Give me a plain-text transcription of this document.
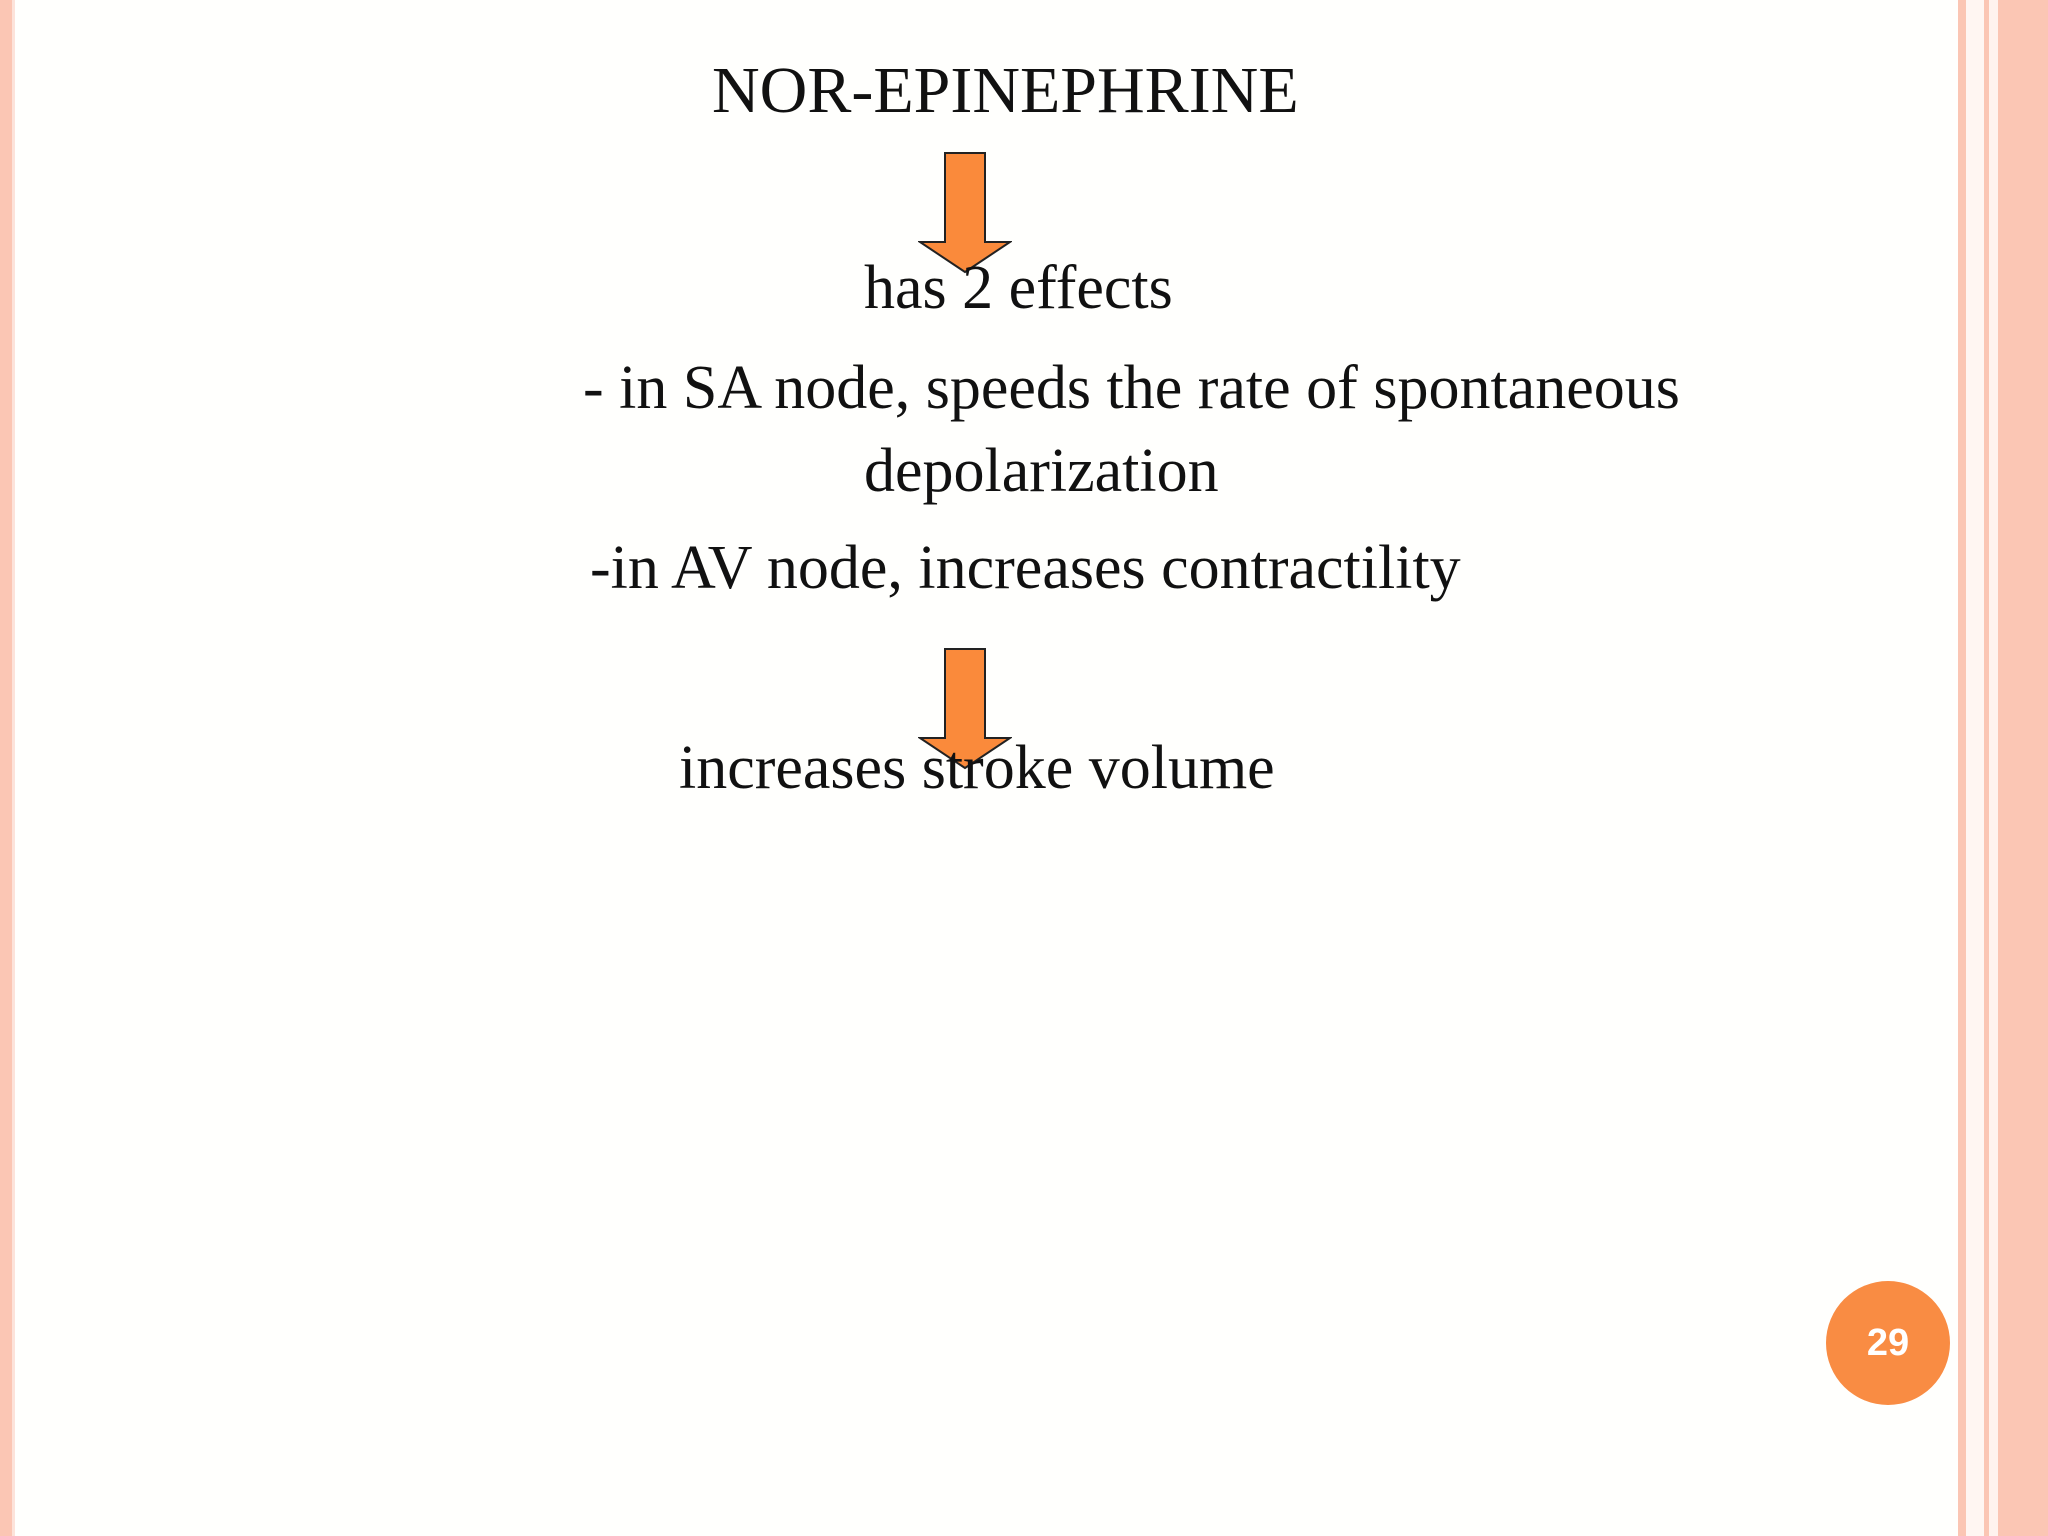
NOR-EPINEPHRINE
has 2 effects
- in SA node, speeds the rate of spontaneous
depolarization
-in AV node, increases contractility
increases stroke volume
29
